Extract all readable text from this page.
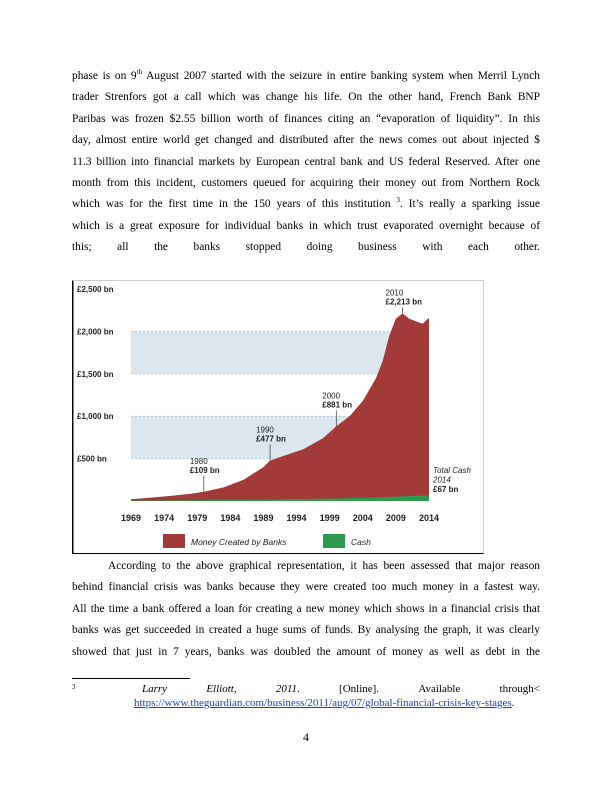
phase is on 9th August 2007 started with the seizure in entire banking system when Merril Lynch
trader Strenfors got a call which was change his life. On the other hand, French Bank BNP
Paribas was frozen $2.55 billion worth of finances citing an “evaporation of liquidity”. In this
day, almost entire world get changed and distributed after the news comes out about injected $
11.3 billion into financial markets by European central bank and US federal Reserved. After one
month from this incident, customers queued for acquiring their money out from Northern Rock
which was for the first time in the 150 years of this institution $^3$. It’s really a sparking issue
which is a great exposure for individual banks in which trust evaporated overnight because of
this; all the banks stopped doing business with each other.
£500 bn
£1,000 bn
£1,500 bn
£2,000 bn
£2,500 bn
1969 1974 1979 1984 1989 1994 1999 2004 2009 2014
1980
£109 bn
1990
£477 bn
2000
£881 bn
2010
£2,213 bn
Total Cash
2014
£67 bn
Money Created by Banks	Cash
According to the above graphical representation, it has been assessed that major reason
behind financial crisis was banks because they were created too much money in a fastest way.
All the time a bank offered a loan for creating a new money which shows in a financial crisis that
banks was get succeeded in created a huge sums of funds. By analysing the graph, it was clearly
showed that just in 7 years, banks was doubled the amount of money as well as debt in the
3	Larry	Elliott,	2011.	[Online].	Available	through<
https://www.theguardian.com/business/2011/aug/07/global-financial-crisis-key-stages.
4
